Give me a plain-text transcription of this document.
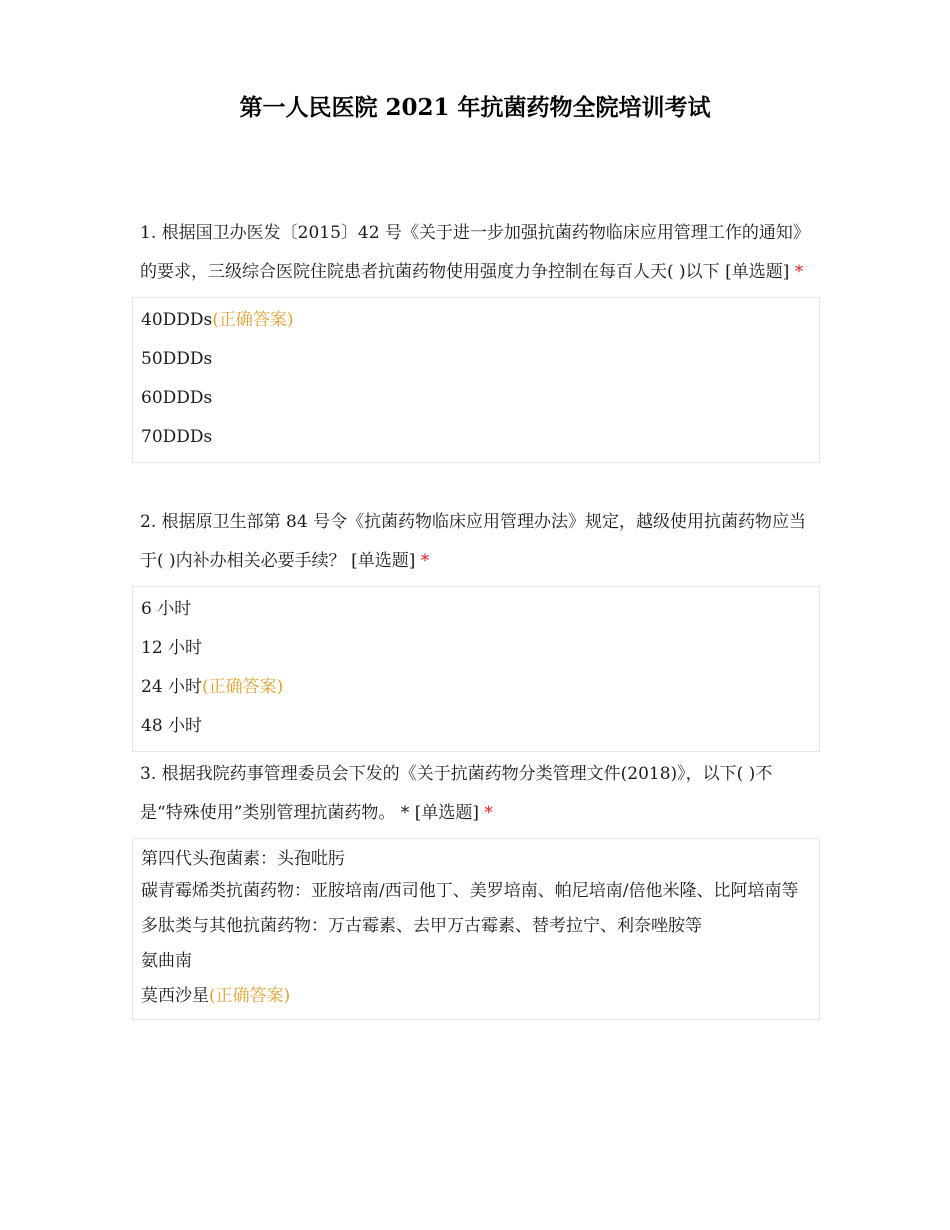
第一人民医院 2021 年抗菌药物全院培训考试

1. 根据国卫办医发〔2015〕42 号《关于进一步加强抗菌药物临床应用管理工作的通知》的要求，三级综合医院住院患者抗菌药物使用强度力争控制在每百人天( )以下 [单选题] *

40DDDs(正确答案)
50DDDs
60DDDs
70DDDs

2. 根据原卫生部第 84 号令《抗菌药物临床应用管理办法》规定，越级使用抗菌药物应当于( )内补办相关必要手续？ [单选题] *

6 小时
12 小时
24 小时(正确答案)
48 小时

3. 根据我院药事管理委员会下发的《关于抗菌药物分类管理文件(2018)》，以下( )不是“特殊使用”类别管理抗菌药物。 * [单选题] *

第四代头孢菌素：头孢吡肟
碳青霉烯类抗菌药物：亚胺培南/西司他丁、美罗培南、帕尼培南/倍他米隆、比阿培南等
多肽类与其他抗菌药物：万古霉素、去甲万古霉素、替考拉宁、利奈唑胺等
氨曲南
莫西沙星(正确答案)
